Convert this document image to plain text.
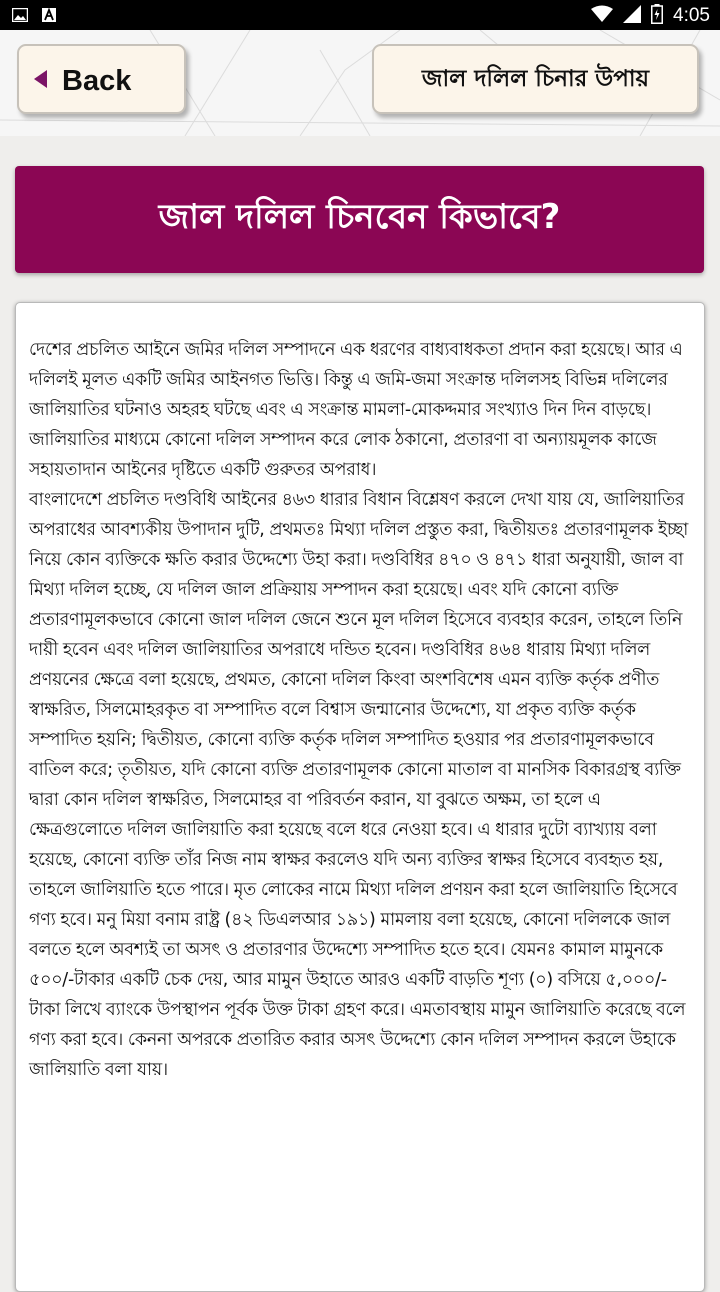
4:05
Back	জাল দলিল চিনার উপায়
জাল দলিল চিনবেন কিভাবে?

দেশের প্রচলিত আইনে জমির দলিল সম্পাদনে এক ধরণের বাধ্যবাধকতা প্রদান করা হয়েছে। আর এ দলিলই মূলত একটি জমির আইনগত ভিত্তি। কিন্তু এ জমি-জমা সংক্রান্ত দলিলসহ বিভিন্ন দলিলের জালিয়াতির ঘটনাও অহরহ ঘটছে এবং এ সংক্রান্ত মামলা-মোকদ্দমার সংখ্যাও দিন দিন বাড়ছে। জালিয়াতির মাধ্যমে কোনো দলিল সম্পাদন করে লোক ঠকানো, প্রতারণা বা অন্যায়মূলক কাজে সহায়তাদান আইনের দৃষ্টিতে একটি গুরুতর অপরাধ।

বাংলাদেশে প্রচলিত দণ্ডবিধি আইনের ৪৬৩ ধারার বিধান বিশ্লেষণ করলে দেখা যায় যে, জালিয়াতির অপরাধের আবশ্যকীয় উপাদান দুটি, প্রথমতঃ মিথ্যা দলিল প্রস্তুত করা, দ্বিতীয়তঃ প্রতারণামূলক ইচ্ছা নিয়ে কোন ব্যক্তিকে ক্ষতি করার উদ্দেশ্যে উহা করা। দণ্ডবিধির ৪৭০ ও ৪৭১ ধারা অনুযায়ী, জাল বা মিথ্যা দলিল হচ্ছে, যে দলিল জাল প্রক্রিয়ায় সম্পাদন করা হয়েছে। এবং যদি কোনো ব্যক্তি প্রতারণামূলকভাবে কোনো জাল দলিল জেনে শুনে মূল দলিল হিসেবে ব্যবহার করেন, তাহলে তিনি দায়ী হবেন এবং দলিল জালিয়াতির অপরাধে দন্ডিত হবেন। দণ্ডবিধির ৪৬৪ ধারায় মিথ্যা দলিল প্রণয়নের ক্ষেত্রে বলা হয়েছে, প্রথমত, কোনো দলিল কিংবা অংশবিশেষ এমন ব্যক্তি কর্তৃক প্রণীত স্বাক্ষরিত, সিলমোহরকৃত বা সম্পাদিত বলে বিশ্বাস জন্মানোর উদ্দেশ্যে, যা প্রকৃত ব্যক্তি কর্তৃক সম্পাদিত হয়নি; দ্বিতীয়ত, কোনো ব্যক্তি কর্তৃক দলিল সম্পাদিত হওয়ার পর প্রতারণামূলকভাবে বাতিল করে; তৃতীয়ত, যদি কোনো ব্যক্তি প্রতারণামূলক কোনো মাতাল বা মানসিক বিকারগ্রস্থ ব্যক্তি দ্বারা কোন দলিল স্বাক্ষরিত, সিলমোহর বা পরিবর্তন করান, যা বুঝতে অক্ষম, তা হলে এ ক্ষেত্রগুলোতে দলিল জালিয়াতি করা হয়েছে বলে ধরে নেওয়া হবে। এ ধারার দুটো ব্যাখ্যায় বলা হয়েছে, কোনো ব্যক্তি তাঁর নিজ নাম স্বাক্ষর করলেও যদি অন্য ব্যক্তির স্বাক্ষর হিসেবে ব্যবহৃত হয়, তাহলে জালিয়াতি হতে পারে। মৃত লোকের নামে মিথ্যা দলিল প্রণয়ন করা হলে জালিয়াতি হিসেবে গণ্য হবে। মনু মিয়া বনাম রাষ্ট্র (৪২ ডিএলআর ১৯১) মামলায় বলা হয়েছে, কোনো দলিলকে জাল বলতে হলে অবশ্যই তা অসৎ ও প্রতারণার উদ্দেশ্যে সম্পাদিত হতে হবে। যেমনঃ কামাল মামুনকে ৫০০/-টাকার একটি চেক দেয়, আর মামুন উহাতে আরও একটি বাড়তি শূণ্য (০) বসিয়ে ৫,০০০/- টাকা লিখে ব্যাংকে উপস্থাপন পূর্বক উক্ত টাকা গ্রহণ করে। এমতাবস্থায় মামুন জালিয়াতি করেছে বলে গণ্য করা হবে। কেননা অপরকে প্রতারিত করার অসৎ উদ্দেশ্যে কোন দলিল সম্পাদন করলে উহাকে জালিয়াতি বলা যায়।
